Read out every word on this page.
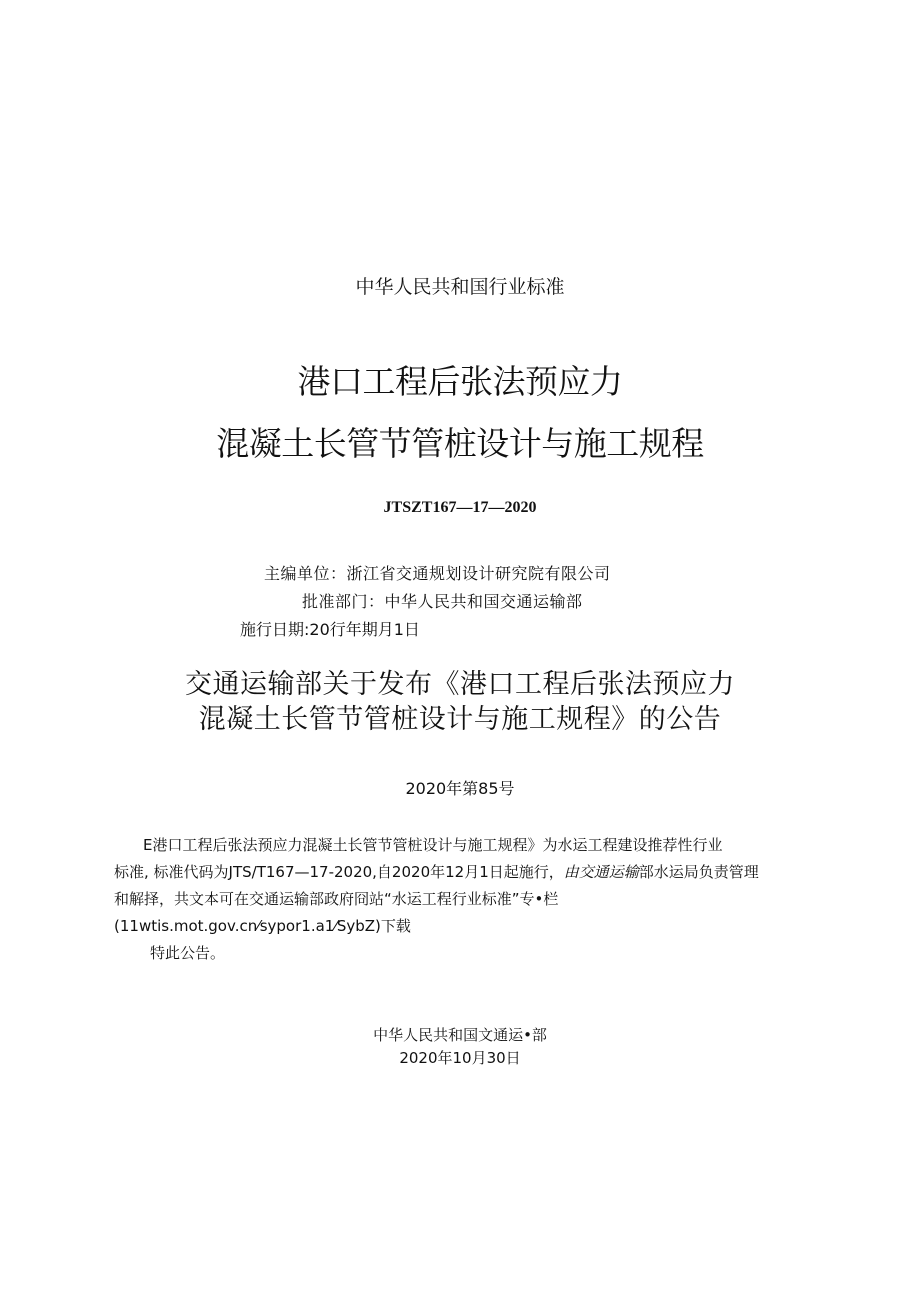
中华人民共和国行业标准
港口工程后张法预应力
混凝土长管节管桩设计与施工规程
JTSZT167—17—2020
主编单位：浙江省交通规划设计研究院有限公司
批准部门：中华人民共和国交通运输部
施行日期:20行年期月1日
交通运输部关于发布《港口工程后张法预应力
混凝土长管节管桩设计与施工规程》的公告
2020年第85号
E港口工程后张法预应力混凝土长管节管桩设计与施工规程》为水运工程建设推荐性行业
标准, 标准代码为JTS/T167—17-2020,自2020年12月1日起施行，由交通运输部水运局负责管理
和解择，共文本可在交通运输部政府冏站“水运工程行业标准”专•栏
(11wtis.mot.gov.cn⁄sypor1.a1⁄SybZ)下载
特此公告。
中华人民共和国文通运•部
2020年10月30日
